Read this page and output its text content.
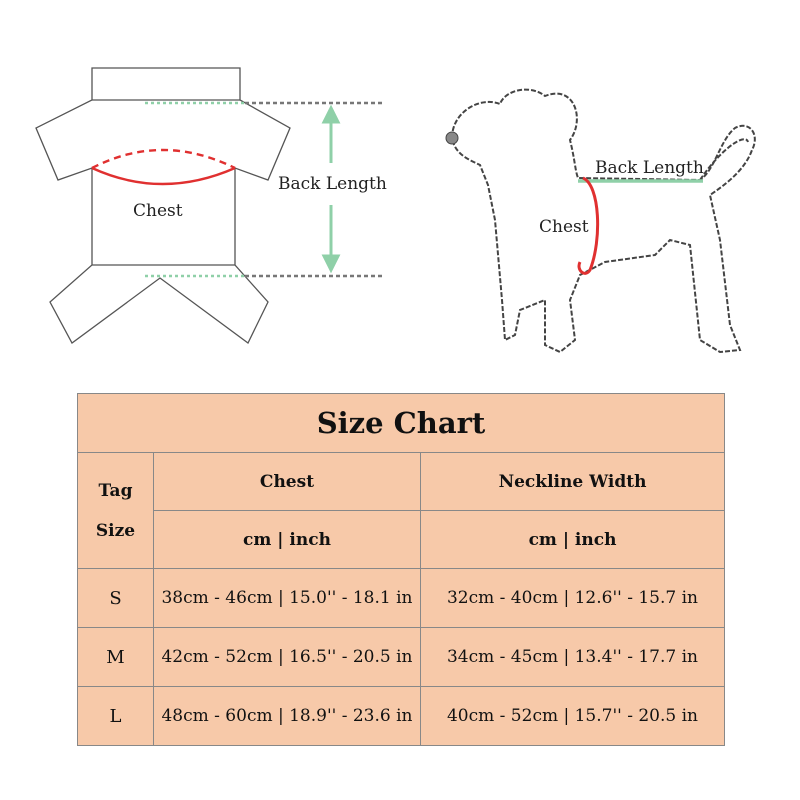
Chest
Back Length
Chest
Back Length
Size Chart		

Tag
Size	Chest	Neckline Width
	cm | inch	cm | inch
S	38cm - 46cm | 15.0'' - 18.1 in	32cm - 40cm | 12.6'' - 15.7 in
M	42cm - 52cm | 16.5'' - 20.5 in	34cm - 45cm | 13.4'' - 17.7 in
L	48cm - 60cm | 18.9'' - 23.6 in	40cm - 52cm | 15.7'' - 20.5 in
